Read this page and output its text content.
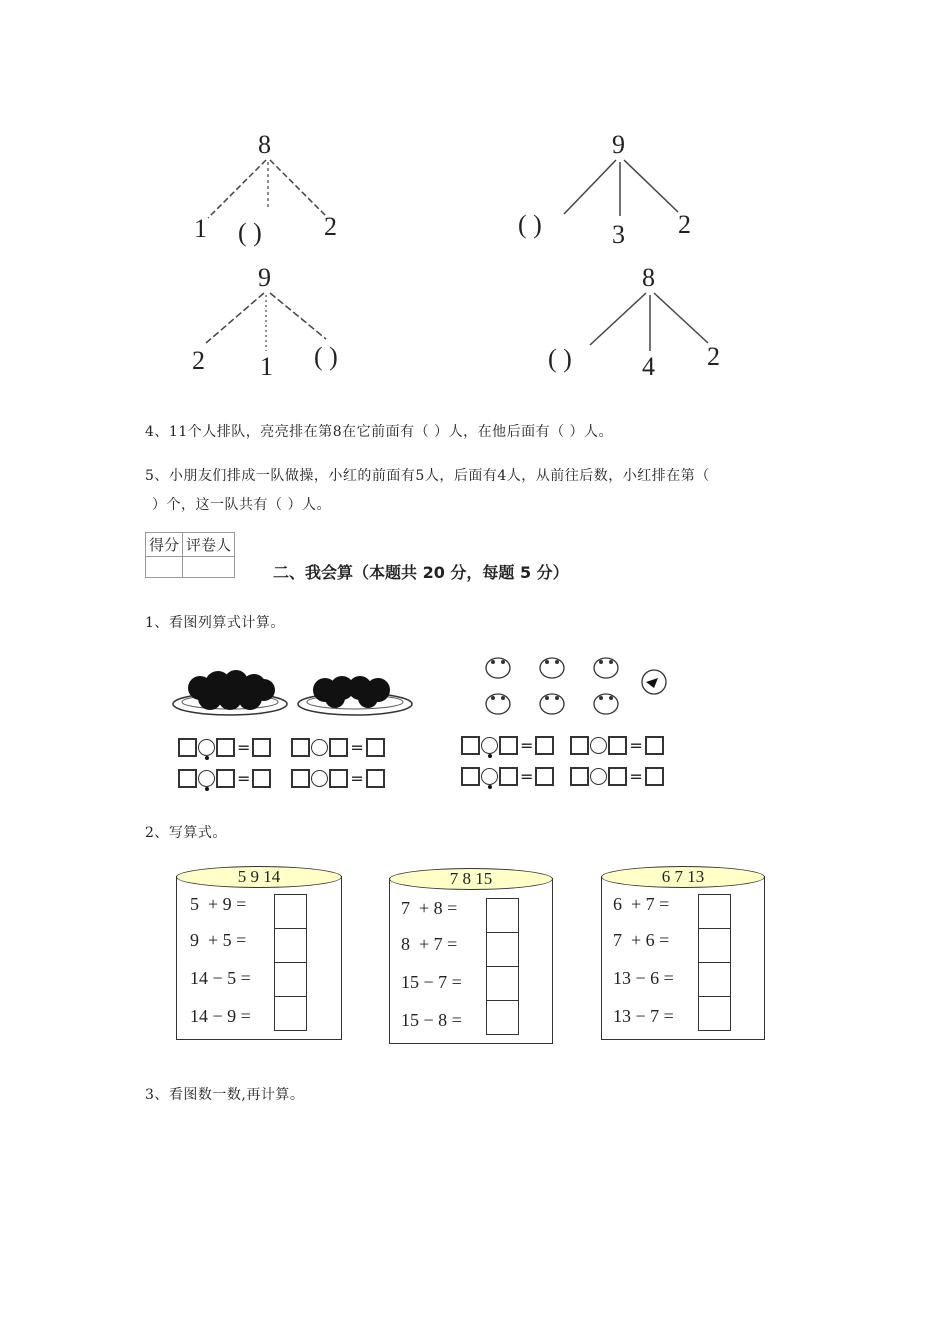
8
1 ( ) 2
9
( )	3 2
9
2 1 ( )
8
( )	4 2
4、11个人排队，亮亮排在第8在它前面有（ ）人，在他后面有（ ）人。
5、小朋友们排成一队做操，小红的前面有5人，后面有4人，从前往后数，小红排在第（
）个，这一队共有（ ）人。
得分	评卷人

二、我会算（本题共 20 分，每题 5 分）
1、看图列算式计算。
=	=
=	=
=	=
=	=
2、写算式。
5 9 14
5  + 9 =
9  + 5 =
14 − 5 =
14 − 9 =
7 8 15
7  + 8 =
8  + 7 =
15 − 7 =
15 − 8 =
6 7 13
6  + 7 =
7  + 6 =
13 − 6 =
13 − 7 =
3、看图数一数,再计算。
